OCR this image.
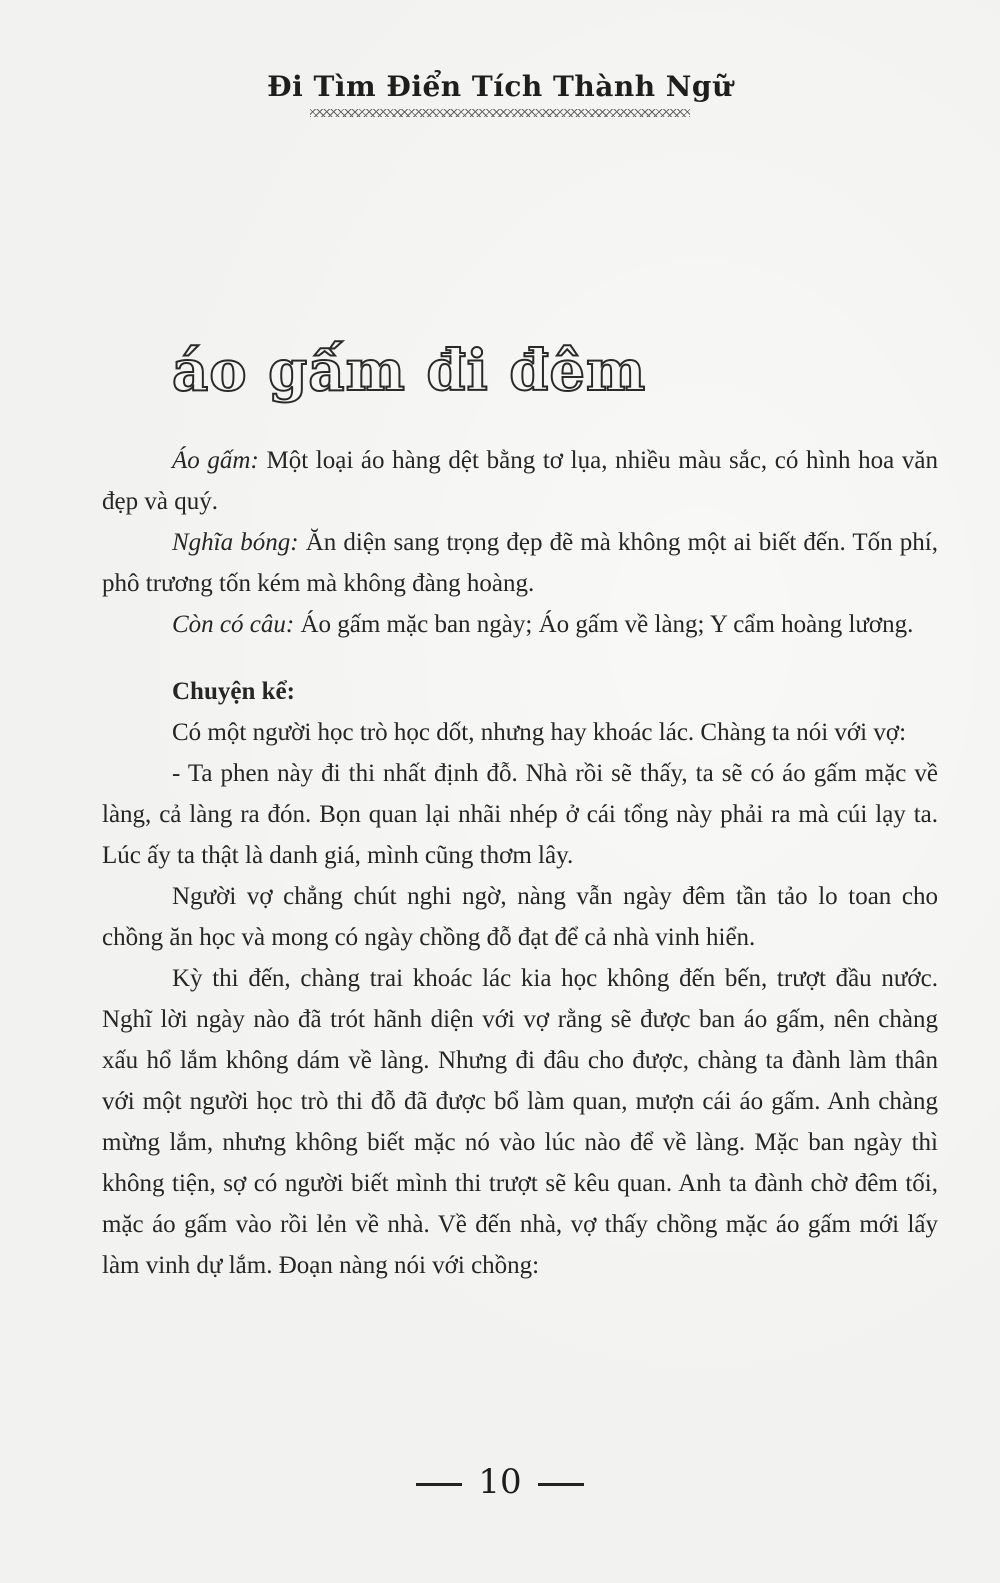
Đi Tìm Điển Tích Thành Ngữ
áo gấm đi đêm

Áo gấm: Một loại áo hàng dệt bằng tơ lụa, nhiều màu sắc, có hình hoa văn đẹp và quý.

Nghĩa bóng: Ăn diện sang trọng đẹp đẽ mà không một ai biết đến. Tốn phí, phô trương tốn kém mà không đàng hoàng.

Còn có câu: Áo gấm mặc ban ngày; Áo gấm về làng; Y cẩm hoàng lương.

Chuyện kể:

Có một người học trò học dốt, nhưng hay khoác lác. Chàng ta nói với vợ:

- Ta phen này đi thi nhất định đỗ. Nhà rồi sẽ thấy, ta sẽ có áo gấm mặc về làng, cả làng ra đón. Bọn quan lại nhãi nhép ở cái tổng này phải ra mà cúi lạy ta. Lúc ấy ta thật là danh giá, mình cũng thơm lây.

Người vợ chẳng chút nghi ngờ, nàng vẫn ngày đêm tần tảo lo toan cho chồng ăn học và mong có ngày chồng đỗ đạt để cả nhà vinh hiển.

Kỳ thi đến, chàng trai khoác lác kia học không đến bến, trượt đầu nước. Nghĩ lời ngày nào đã trót hãnh diện với vợ rằng sẽ được ban áo gấm, nên chàng xấu hổ lắm không dám về làng. Nhưng đi đâu cho được, chàng ta đành làm thân với một người học trò thi đỗ đã được bổ làm quan, mượn cái áo gấm. Anh chàng mừng lắm, nhưng không biết mặc nó vào lúc nào để về làng. Mặc ban ngày thì không tiện, sợ có người biết mình thi trượt sẽ kêu quan. Anh ta đành chờ đêm tối, mặc áo gấm vào rồi lẻn về nhà. Về đến nhà, vợ thấy chồng mặc áo gấm mới lấy làm vinh dự lắm. Đoạn nàng nói với chồng:

10
